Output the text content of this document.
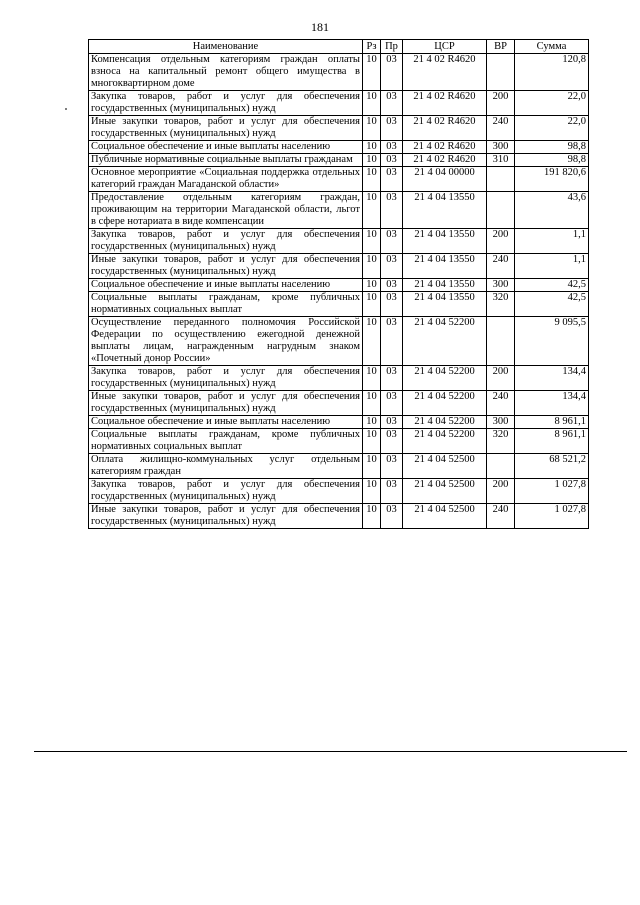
181
Наименование	Рз	Пр	ЦСР	ВР	Сумма
Компенсация отдельным категориям граждан оплаты взноса на капитальный ремонт общего имущества в многоквартирном доме	10	03	21 4 02 R4620		120,8
Закупка товаров, работ и услуг для обеспечения государственных (муниципальных) нужд	10	03	21 4 02 R4620	200	22,0
Иные закупки товаров, работ и услуг для обеспечения государственных (муниципальных) нужд	10	03	21 4 02 R4620	240	22,0
Социальное обеспечение и иные выплаты населению	10	03	21 4 02 R4620	300	98,8
Публичные нормативные социальные выплаты гражданам	10	03	21 4 02 R4620	310	98,8
Основное мероприятие «Социальная поддержка отдельных категорий граждан Магаданской области»	10	03	21 4 04 00000		191 820,6
Предоставление отдельным категориям граждан, проживающим на территории Магаданской области, льгот в сфере нотариата в виде компенсации	10	03	21 4 04 13550		43,6
Закупка товаров, работ и услуг для обеспечения государственных (муниципальных) нужд	10	03	21 4 04 13550	200	1,1
Иные закупки товаров, работ и услуг для обеспечения государственных (муниципальных) нужд	10	03	21 4 04 13550	240	1,1
Социальное обеспечение и иные выплаты населению	10	03	21 4 04 13550	300	42,5
Социальные выплаты гражданам, кроме публичных нормативных социальных выплат	10	03	21 4 04 13550	320	42,5
Осуществление переданного полномочия Российской Федерации по осуществлению ежегодной денежной выплаты лицам, награжденным нагрудным знаком «Почетный донор России»	10	03	21 4 04 52200		9 095,5
Закупка товаров, работ и услуг для обеспечения государственных (муниципальных) нужд	10	03	21 4 04 52200	200	134,4
Иные закупки товаров, работ и услуг для обеспечения государственных (муниципальных) нужд	10	03	21 4 04 52200	240	134,4
Социальное обеспечение и иные выплаты населению	10	03	21 4 04 52200	300	8 961,1
Социальные выплаты гражданам, кроме публичных нормативных социальных выплат	10	03	21 4 04 52200	320	8 961,1
Оплата жилищно-коммунальных услуг отдельным категориям граждан	10	03	21 4 04 52500		68 521,2
Закупка товаров, работ и услуг для обеспечения государственных (муниципальных) нужд	10	03	21 4 04 52500	200	1 027,8
Иные закупки товаров, работ и услуг для обеспечения государственных (муниципальных) нужд	10	03	21 4 04 52500	240	1 027,8
